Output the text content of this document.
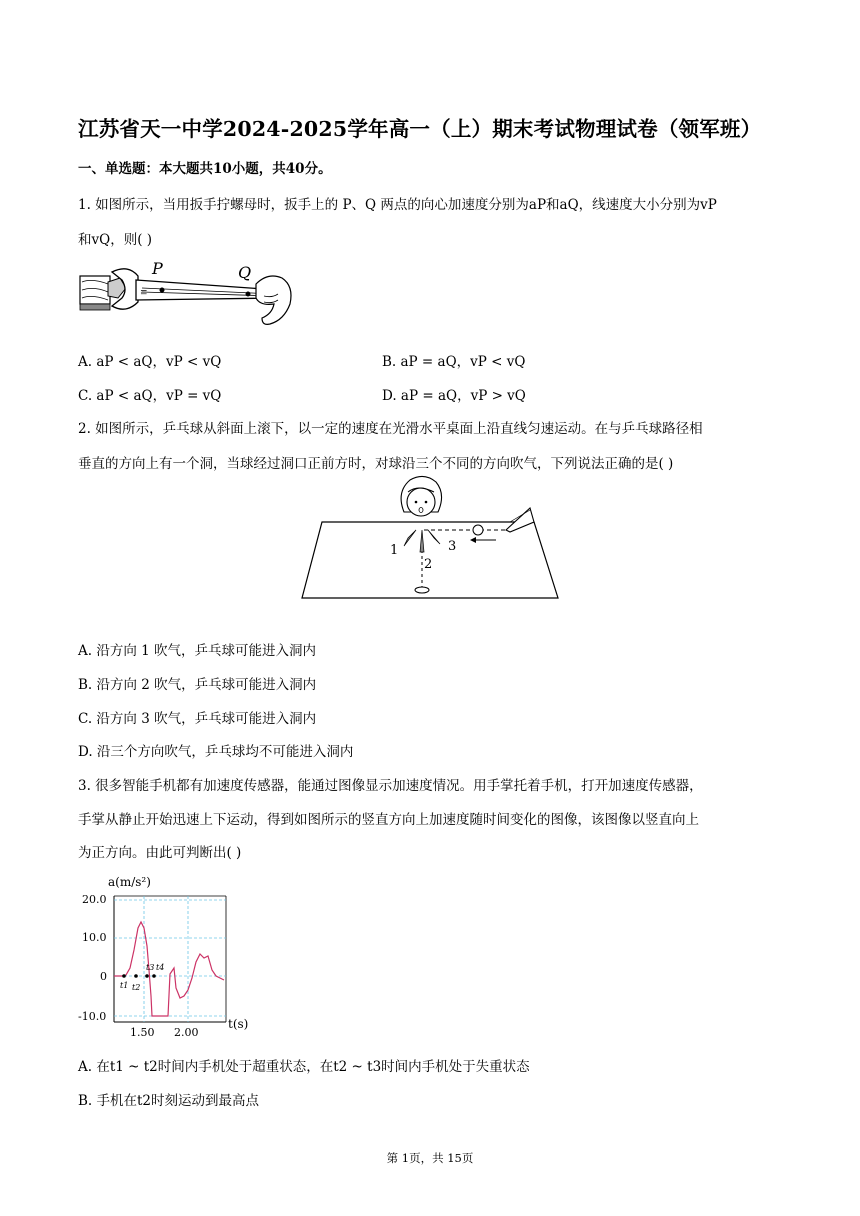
江苏省天一中学2024-2025学年高一（上）期末考试物理试卷（领军班）
一、单选题：本大题共10小题，共40分。
1. 如图所示，当用扳手拧螺母时，扳手上的 P、Q 两点的向心加速度分别为aP和aQ，线速度大小分别为vP
和vQ，则( )
≡
P	Q
A. aP < aQ，vP < vQ	B. aP = aQ，vP < vQ
C. aP < aQ，vP = vQ	D. aP = aQ，vP > vQ
2. 如图所示，乒乓球从斜面上滚下，以一定的速度在光滑水平桌面上沿直线匀速运动。在与乒乓球路径相
垂直的方向上有一个洞，当球经过洞口正前方时，对球沿三个不同的方向吹气，下列说法正确的是( )
1
2
3
A. 沿方向 1 吹气，乒乓球可能进入洞内
B. 沿方向 2 吹气，乒乓球可能进入洞内
C. 沿方向 3 吹气，乒乓球可能进入洞内
D. 沿三个方向吹气，乒乓球均不可能进入洞内
3. 很多智能手机都有加速度传感器，能通过图像显示加速度情况。用手掌托着手机，打开加速度传感器，
手掌从静止开始迅速上下运动，得到如图所示的竖直方向上加速度随时间变化的图像，该图像以竖直向上
为正方向。由此可判断出( )
a(m/s²)
t(s)
20.0
10.0
0
-10.0
1.50 2.00
t1 t2
t3 t4
A. 在t1 ~ t2时间内手机处于超重状态，在t2 ~ t3时间内手机处于失重状态
B. 手机在t2时刻运动到最高点
第 1页，共 15页
